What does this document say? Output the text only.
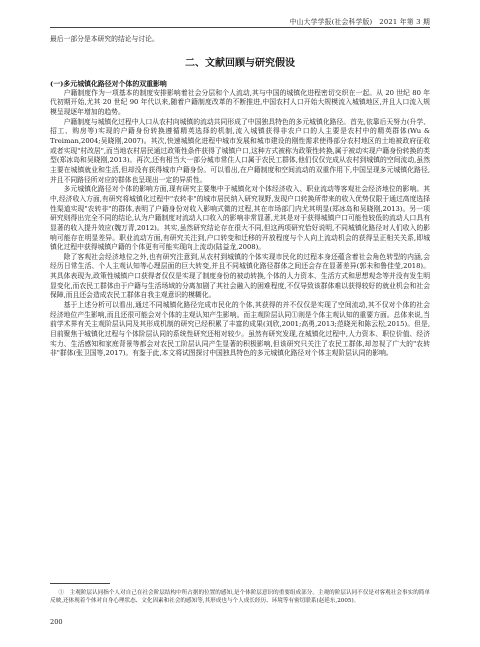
中山大学学报(社会科学版)　2021 年第 3 期

最后一部分是本研究的结论与讨论。

二、文献回顾与研究假设

(一)多元城镇化路径对个体的双重影响

户籍制度作为一项基本的制度安排影响着社会分层和个人流动,其与中国的城镇化进程密切交织在一起。从 20 世纪 80 年代初期开始,尤其 20 世纪 90 年代以来,随着户籍制度改革的不断推进,中国农村人口开始大规模流入城镇地区,并且人口流入规模呈现逐年增加的趋势。

户籍制度与城镇化过程中人口从农村向城镇的流动共同形成了中国独具特色的多元城镇化路径。首先,依靠后天努力(升学、招工、购房等)实现的户籍身份转换遵循精英选择的机制,流入城镇获得非农户口的人主要是农村中的精英群体(Wu & Treiman,2004;吴晓刚,2007)。其次,快速城镇化进程中城市发展和城市建设的刚性需求使得部分农村地区的土地被政府征收或者实现"村改居",而当地农村居民通过政策性条件获得了城镇户口,这种方式被称为政策性转换,属于被动实现户籍身份转换的类型(郑冰岛和吴晓刚,2013)。再次,还有相当大一部分城市常住人口属于农民工群体,他们仅仅完成从农村到城镇的空间流动,虽然主要在城镇就业和生活,但却没有获得城市户籍身份。可以看出,在户籍制度和空间流动的双重作用下,中国呈现多元城镇化路径,并且不同路径所对应的群体也呈现出一定的异质性。

多元城镇化路径对个体的影响方面,现有研究主要集中于城镇化对个体经济收入、职业流动等客观社会经济地位的影响。其中,经济收入方面,有研究将城镇化过程中"农转非"的城市居民纳入研究视野,发现户口转换所带来的收入优势仅限于通过高度选择性渠道实现"农转非"的群体,表明了户籍身份对收入影响式微的过程,其在市场部门内尤其明显(郑冰岛和吴晓刚,2013)。另一项研究则得出完全不同的结论,认为户籍制度对流动人口收入的影响非常显著,尤其是对于获得城镇户口可能性较低的流动人口具有显著的收入提升效应(魏万青,2012)。其实,虽然研究结论存在很大不同,但这两项研究恰好说明,不同城镇化路径对人们收入的影响可能存在明显差异。职业流动方面,有研究关注到,户口转变和迁移的开放程度与个人向上流动机会的获得呈正相关关系,即城镇化过程中获得城镇户籍的个体更有可能实现向上流动(陆益龙,2008)。

除了客观社会经济地位之外,也有研究注意到,从农村到城镇的个体实现市民化的过程本身还蕴含着社会角色转型的内涵,会经历日常生活、个人主观认知等心理层面的巨大转变,并且不同城镇化路径群体之间还会存在显著差异(郭未和鲁佳莹,2018)。其具体表现为,政策性城镇户口获得者仅仅是实现了制度身份的被动转换,个体的人力资本、生活方式和思想观念等并没有发生明显变化,而农民工群体由于户籍与生活场域的分离加剧了其社会融入的困难程度,不仅导致该群体难以获得较好的就业机会和社会保障,而且还会造成农民工群体自我主观意识的模糊化。

基于上述分析可以看出,通过不同城镇化路径完成市民化的个体,其获得的并不仅仅是实现了空间流动,其不仅对个体的社会经济地位产生影响,而且还很可能会对个体的主观认知产生影响。而主观阶层认同①则是个体主观认知的重要方面。总体来说,当前学术界有关主观阶层认同及其形成机制的研究已经积累了丰富的成果(刘欣,2001;高勇,2013;范晓光和陈云松,2015)。但是,目前聚焦于城镇化过程与个体阶层认同的系统性研究还相对较少。虽然有研究发现,在城镇化过程中,人力资本、职位价值、经济实力、生活感知和家庭背景等都会对农民工阶层认同产生显著的积极影响,但该研究只关注了农民工群体,却忽视了广大的"农转非"群体(张卫国等,2017)。有鉴于此,本文将试图探讨中国独具特色的多元城镇化路径对个体主观阶层认同的影响。

①　主观阶层认同指个人对自己在社会阶层结构中所占据的位置的感知,是个体阶层意识的重要组成部分。主观的阶层认同不仅是对客观社会事实的简单反映,还体现着个体对自身心理状态、文化因素和社会的感知等,其形成也与个人成长经历、环境等有密切联系(赵延东,2005)。
200
